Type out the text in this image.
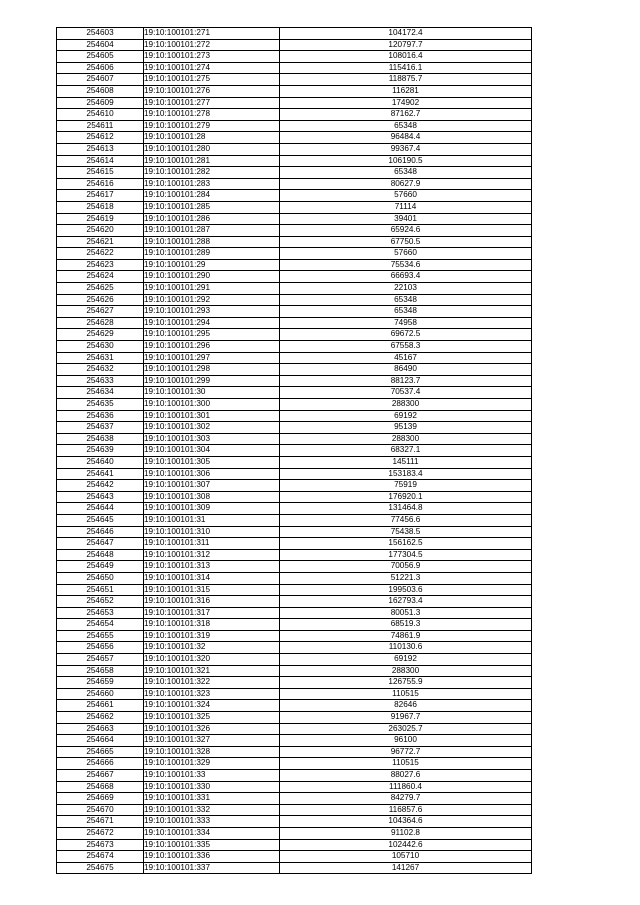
254603	19:10:100101:271	104172.4
254604	19:10:100101:272	120797.7
254605	19:10:100101:273	108016.4
254606	19:10:100101:274	115416.1
254607	19:10:100101:275	118875.7
254608	19:10:100101:276	116281
254609	19:10:100101:277	174902
254610	19:10:100101:278	87162.7
254611	19:10:100101:279	65348
254612	19:10:100101:28	96484.4
254613	19:10:100101:280	99367.4
254614	19:10:100101:281	106190.5
254615	19:10:100101:282	65348
254616	19:10:100101:283	80627.9
254617	19:10:100101:284	57660
254618	19:10:100101:285	71114
254619	19:10:100101:286	39401
254620	19:10:100101:287	65924.6
254621	19:10:100101:288	67750.5
254622	19:10:100101:289	57660
254623	19:10:100101:29	75534.6
254624	19:10:100101:290	66693.4
254625	19:10:100101:291	22103
254626	19:10:100101:292	65348
254627	19:10:100101:293	65348
254628	19:10:100101:294	74958
254629	19:10:100101:295	69672.5
254630	19:10:100101:296	67558.3
254631	19:10:100101:297	45167
254632	19:10:100101:298	86490
254633	19:10:100101:299	88123.7
254634	19:10:100101:30	70537.4
254635	19:10:100101:300	288300
254636	19:10:100101:301	69192
254637	19:10:100101:302	95139
254638	19:10:100101:303	288300
254639	19:10:100101:304	68327.1
254640	19:10:100101:305	145111
254641	19:10:100101:306	153183.4
254642	19:10:100101:307	75919
254643	19:10:100101:308	176920.1
254644	19:10:100101:309	131464.8
254645	19:10:100101:31	77456.6
254646	19:10:100101:310	75438.5
254647	19:10:100101:311	156162.5
254648	19:10:100101:312	177304.5
254649	19:10:100101:313	70056.9
254650	19:10:100101:314	51221.3
254651	19:10:100101:315	199503.6
254652	19:10:100101:316	162793.4
254653	19:10:100101:317	80051.3
254654	19:10:100101:318	68519.3
254655	19:10:100101:319	74861.9
254656	19:10:100101:32	110130.6
254657	19:10:100101:320	69192
254658	19:10:100101:321	288300
254659	19:10:100101:322	126755.9
254660	19:10:100101:323	110515
254661	19:10:100101:324	82646
254662	19:10:100101:325	91967.7
254663	19:10:100101:326	263025.7
254664	19:10:100101:327	96100
254665	19:10:100101:328	96772.7
254666	19:10:100101:329	110515
254667	19:10:100101:33	88027.6
254668	19:10:100101:330	111860.4
254669	19:10:100101:331	84279.7
254670	19:10:100101:332	116857.6
254671	19:10:100101:333	104364.6
254672	19:10:100101:334	91102.8
254673	19:10:100101:335	102442.6
254674	19:10:100101:336	105710
254675	19:10:100101:337	141267
